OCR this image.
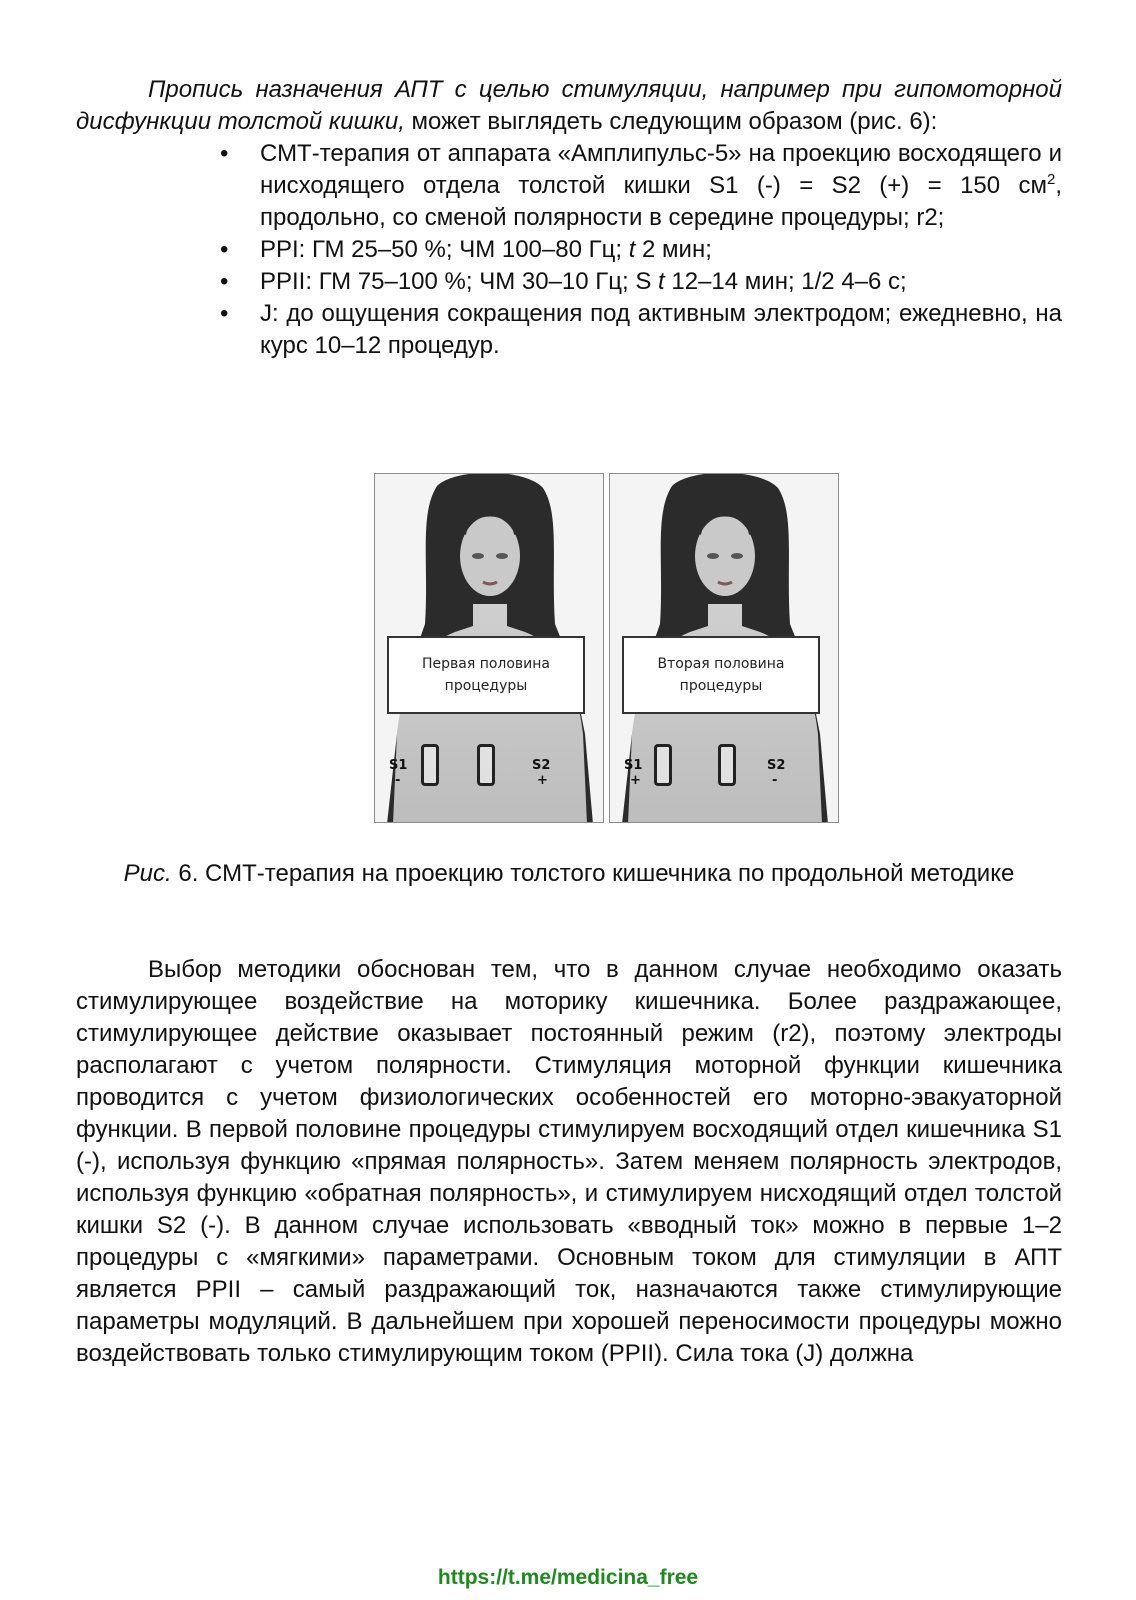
Пропись назначения АПТ с целью стимуляции, например при гипомоторной дисфункции толстой кишки, может выглядеть следующим образом (рис. 6):

• СМТ-терапия от аппарата «Амплипульс-5» на проекцию восходящего и нисходящего отдела толстой кишки S1 (-) = S2 (+) = 150 $см^2$, продольно, со сменой полярности в середине процедуры; r2;
• PPI: ГМ 25–50 %; ЧМ 100–80 Гц; t 2 мин;
• PPII: ГМ 75–100 %; ЧМ 30–10 Гц; S t 12–14 мин; 1/2 4–6 с;
• J: до ощущения сокращения под активным электродом; ежедневно, на курс 10–12 процедур.
Первая половина процедуры
S1
-
S2
+
Вторая половина процедуры
S1
+
S2
-
Рис. 6. СМТ-терапия на проекцию толстого кишечника по продольной методике

Выбор методики обоснован тем, что в данном случае необходимо оказать стимулирующее воздействие на моторику кишечника. Более раздражающее, стимулирующее действие оказывает постоянный режим (r2), поэтому электроды располагают с учетом полярности. Стимуляция моторной функции кишечника проводится с учетом физиологических особенностей его моторно-эвакуаторной функции. В первой половине процедуры стимулируем восходящий отдел кишечника S1 (-), используя функцию «прямая полярность». Затем меняем полярность электродов, используя функцию «обратная полярность», и стимулируем нисходящий отдел толстой кишки S2 (-). В данном случае использовать «вводный ток» можно в первые 1–2 процедуры с «мягкими» параметрами. Основным током для стимуляции в АПТ является PPII – самый раздражающий ток, назначаются также стимулирующие параметры модуляций. В дальнейшем при хорошей переносимости процедуры можно воздействовать только стимулирующим током (PPII). Сила тока (J) должна

https://t.me/medicina_free
